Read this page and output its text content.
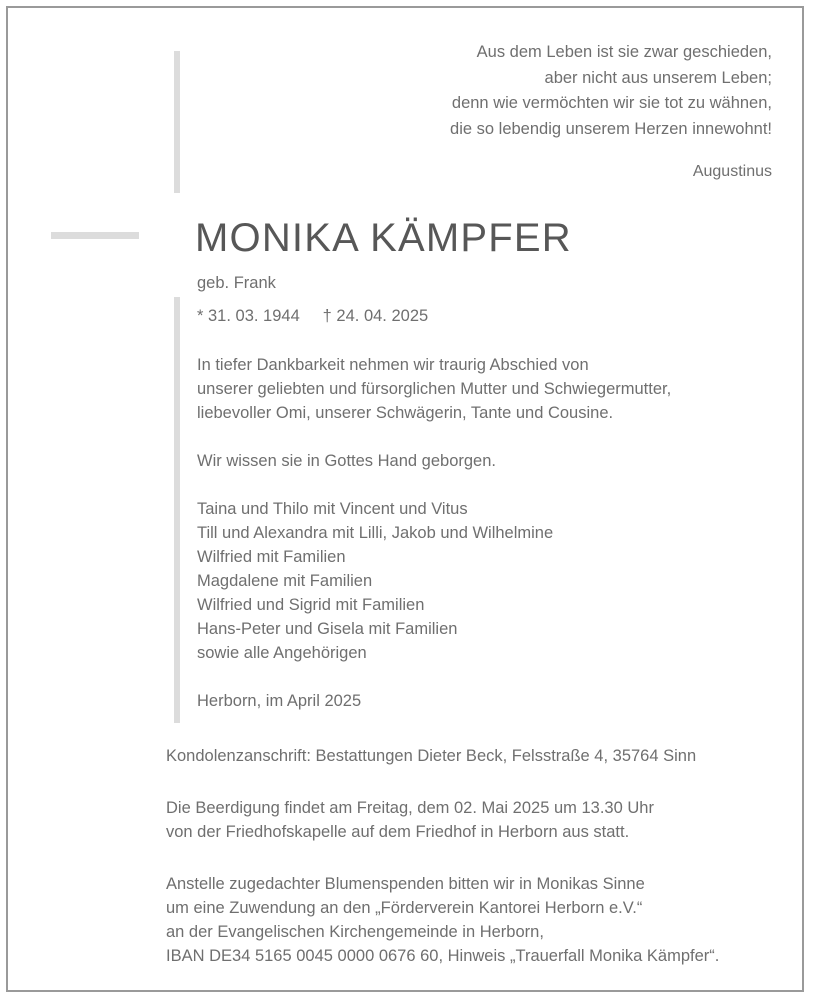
Aus dem Leben ist sie zwar geschieden,
aber nicht aus unserem Leben;
denn wie vermöchten wir sie tot zu wähnen,
die so lebendig unserem Herzen innewohnt!
Augustinus
MONIKA KÄMPFER
geb. Frank
* 31. 03. 1944     † 24. 04. 2025

In tiefer Dankbarkeit nehmen wir traurig Abschied von

unserer geliebten und fürsorglichen Mutter und Schwiegermutter,

liebevoller Omi, unserer Schwägerin, Tante und Cousine.

Wir wissen sie in Gottes Hand geborgen.

Taina und Thilo mit Vincent und Vitus

Till und Alexandra mit Lilli, Jakob und Wilhelmine

Wilfried mit Familien

Magdalene mit Familien

Wilfried und Sigrid mit Familien

Hans-Peter und Gisela mit Familien

sowie alle Angehörigen

Herborn, im April 2025

Kondolenzanschrift: Bestattungen Dieter Beck, Felsstraße 4, 35764 Sinn

Die Beerdigung findet am Freitag, dem 02. Mai 2025 um 13.30 Uhr

von der Friedhofskapelle auf dem Friedhof in Herborn aus statt.

Anstelle zugedachter Blumenspenden bitten wir in Monikas Sinne

um eine Zuwendung an den „Förderverein Kantorei Herborn e.V.“

an der Evangelischen Kirchengemeinde in Herborn,

IBAN DE34 5165 0045 0000 0676 60, Hinweis „Trauerfall Monika Kämpfer“.
